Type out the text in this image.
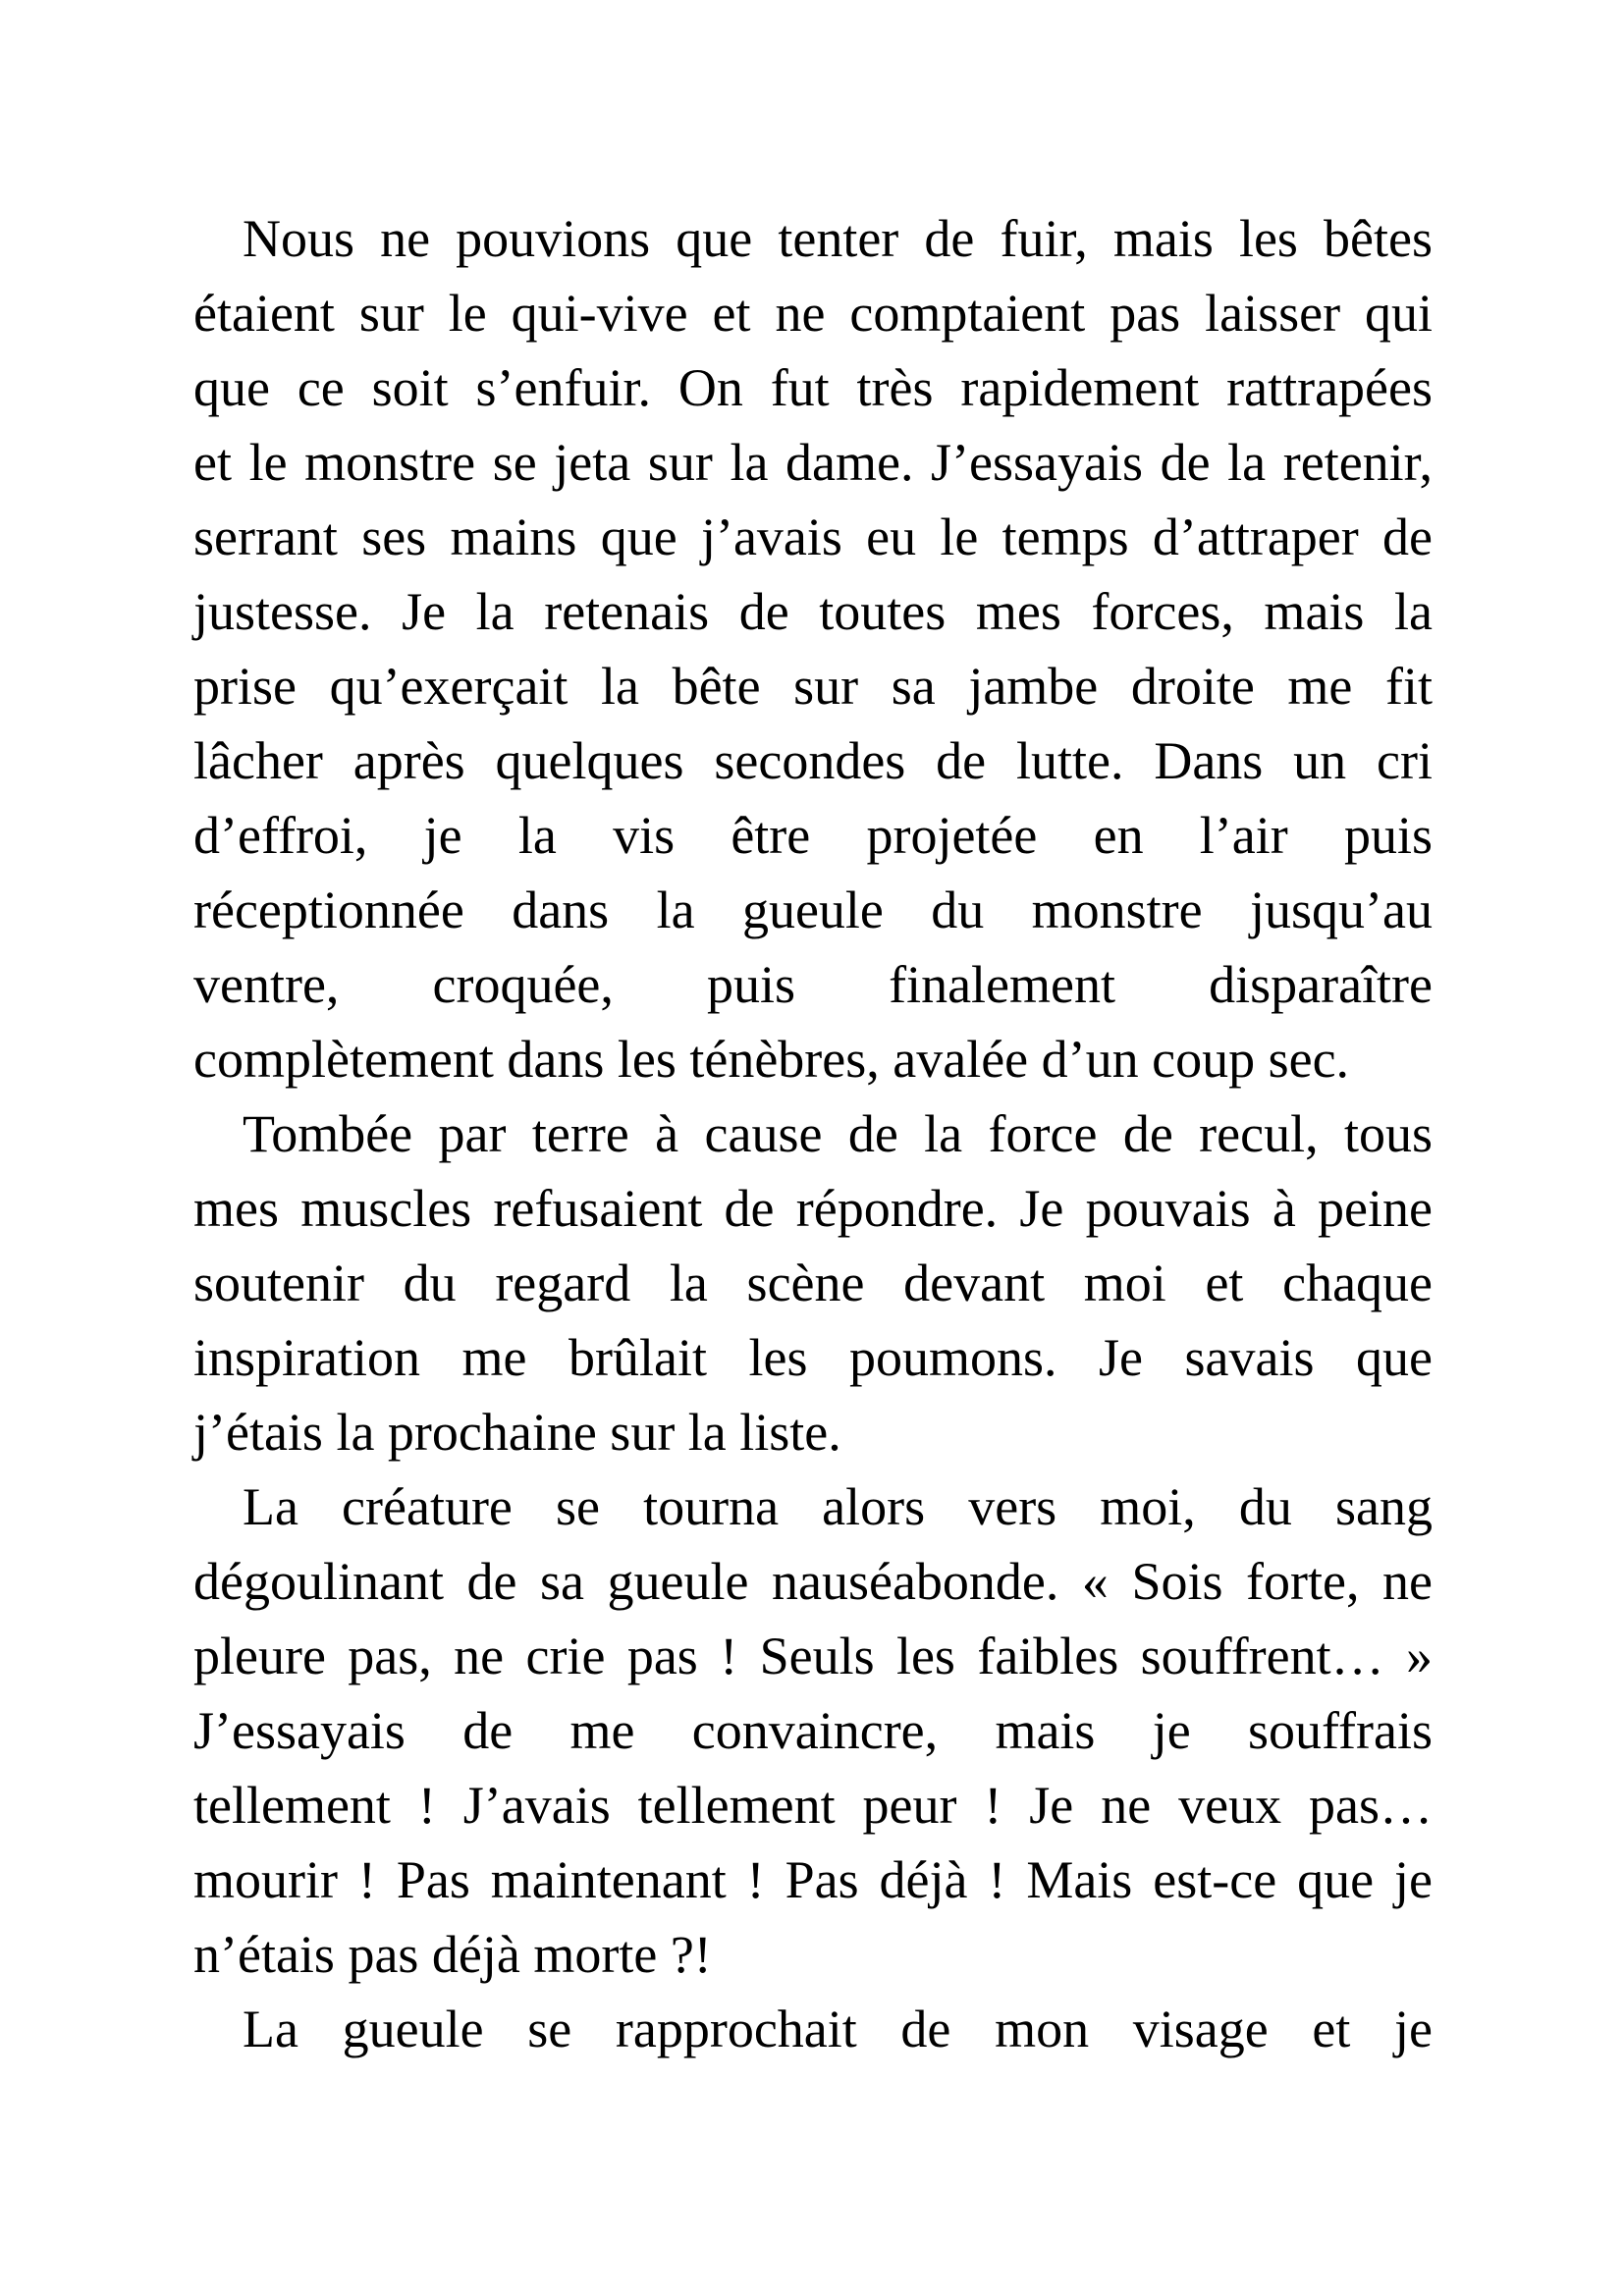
Nous ne pouvions que tenter de fuir, mais les bêtes
étaient sur le qui-vive et ne comptaient pas laisser qui
que ce soit s’enfuir. On fut très rapidement rattrapées
et le monstre se jeta sur la dame. J’essayais de la retenir,
serrant ses mains que j’avais eu le temps d’attraper de
justesse. Je la retenais de toutes mes forces, mais la
prise qu’exerçait la bête sur sa jambe droite me fit
lâcher après quelques secondes de lutte. Dans un cri
d’effroi, je la vis être projetée en l’air puis
réceptionnée dans la gueule du monstre jusqu’au
ventre, croquée, puis finalement disparaître
complètement dans les ténèbres, avalée d’un coup sec.
Tombée par terre à cause de la force de recul, tous
mes muscles refusaient de répondre. Je pouvais à peine
soutenir du regard la scène devant moi et chaque
inspiration me brûlait les poumons. Je savais que
j’étais la prochaine sur la liste.
La créature se tourna alors vers moi, du sang
dégoulinant de sa gueule nauséabonde. « Sois forte, ne
pleure pas, ne crie pas ! Seuls les faibles souffrent… »
J’essayais de me convaincre, mais je souffrais
tellement ! J’avais tellement peur ! Je ne veux pas…
mourir ! Pas maintenant ! Pas déjà ! Mais est-ce que je
n’étais pas déjà morte ?!
La gueule se rapprochait de mon visage et je
